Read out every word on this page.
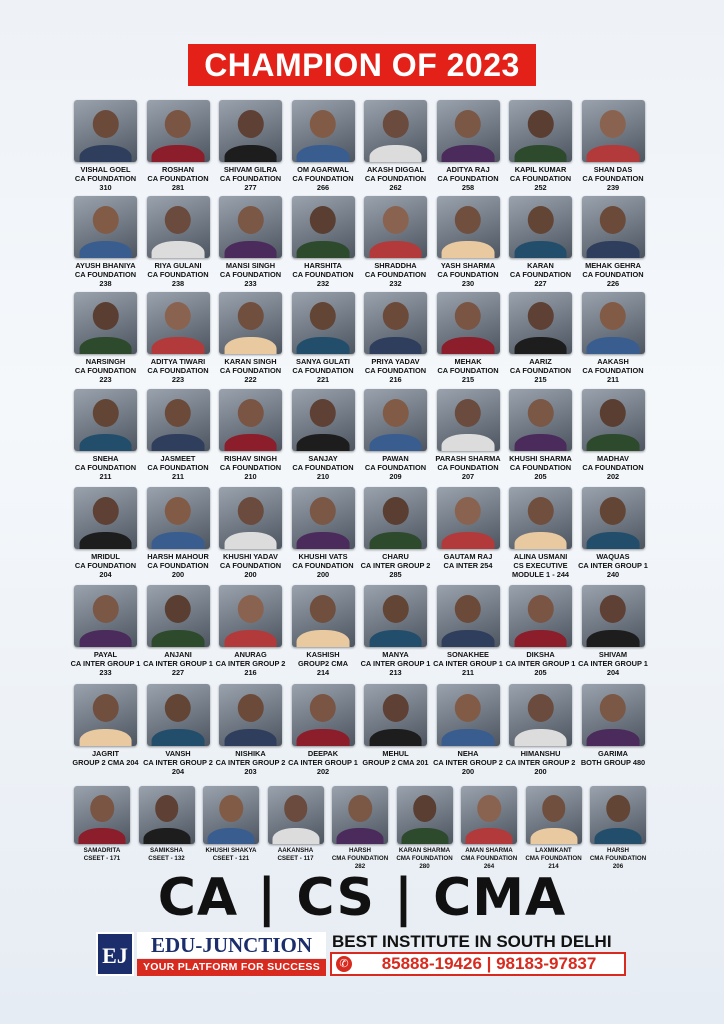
CHAMPION OF 2023
VISHAL GOEL
CA FOUNDATION
310
ROSHAN
CA FOUNDATION
281
SHIVAM GILRA
CA FOUNDATION
277
OM AGARWAL
CA FOUNDATION
266
AKASH DIGGAL
CA FOUNDATION
262
ADITYA RAJ
CA FOUNDATION
258
KAPIL KUMAR
CA FOUNDATION
252
SHAN DAS
CA FOUNDATION
239
AYUSH BHANIYA
CA FOUNDATION
238
RIYA GULANI
CA FOUNDATION
238
MANSI SINGH
CA FOUNDATION
233
HARSHITA
CA FOUNDATION
232
SHRADDHA
CA FOUNDATION
232
YASH SHARMA
CA FOUNDATION
230
KARAN
CA FOUNDATION
227
MEHAK GEHRA
CA FOUNDATION
226
NARSINGH
CA FOUNDATION
223
ADITYA TIWARI
CA FOUNDATION
223
KARAN SINGH
CA FOUNDATION
222
SANYA GULATI
CA FOUNDATION
221
PRIYA YADAV
CA FOUNDATION
216
MEHAK
CA FOUNDATION
215
AARIZ
CA FOUNDATION
215
AAKASH
CA FOUNDATION
211
SNEHA
CA FOUNDATION
211
JASMEET
CA FOUNDATION
211
RISHAV SINGH
CA FOUNDATION
210
SANJAY
CA FOUNDATION
210
PAWAN
CA FOUNDATION
209
PARASH SHARMA
CA FOUNDATION
207
KHUSHI SHARMA
CA FOUNDATION
205
MADHAV
CA FOUNDATION
202
MRIDUL
CA FOUNDATION
204
HARSH MAHOUR
CA FOUNDATION
200
KHUSHI YADAV
CA FOUNDATION
200
KHUSHI VATS
CA FOUNDATION
200
CHARU
CA INTER GROUP 2
285
GAUTAM RAJ
CA INTER 254
ALINA USMANI
CS EXECUTIVE
MODULE 1 - 244
WAQUAS
CA INTER GROUP 1
240
PAYAL
CA INTER GROUP 1
233
ANJANI
CA INTER GROUP 1
227
ANURAG
CA INTER GROUP 2
216
KASHISH
GROUP2 CMA
214
MANYA
CA INTER GROUP 1
213
SONAKHEE
CA INTER GROUP 1
211
DIKSHA
CA INTER GROUP 1
205
SHIVAM
CA INTER GROUP 1
204
JAGRIT
GROUP 2 CMA 204
VANSH
CA INTER GROUP 2
204
NISHIKA
CA INTER GROUP 2
203
DEEPAK
CA INTER GROUP 1
202
MEHUL
GROUP 2 CMA 201
NEHA
CA INTER GROUP 2
200
HIMANSHU
CA INTER GROUP 2
200
GARIMA
BOTH GROUP 480
SAMADRITA
CSEET - 171
SAMIKSHA
CSEET - 132
KHUSHI SHAKYA
CSEET - 121
AAKANSHA
CSEET - 117
HARSH
CMA FOUNDATION
282
KARAN SHARMA
CMA FOUNDATION
280
AMAN SHARMA
CMA FOUNDATION
264
LAXMIKANT
CMA FOUNDATION
214
HARSH
CMA FOUNDATION
206
CA | CS | CMA
EJ	EDU-JUNCTION
YOUR PLATFORM FOR SUCCESS
BEST INSTITUTE IN SOUTH DELHI
✆	85888-19426 | 98183-97837
